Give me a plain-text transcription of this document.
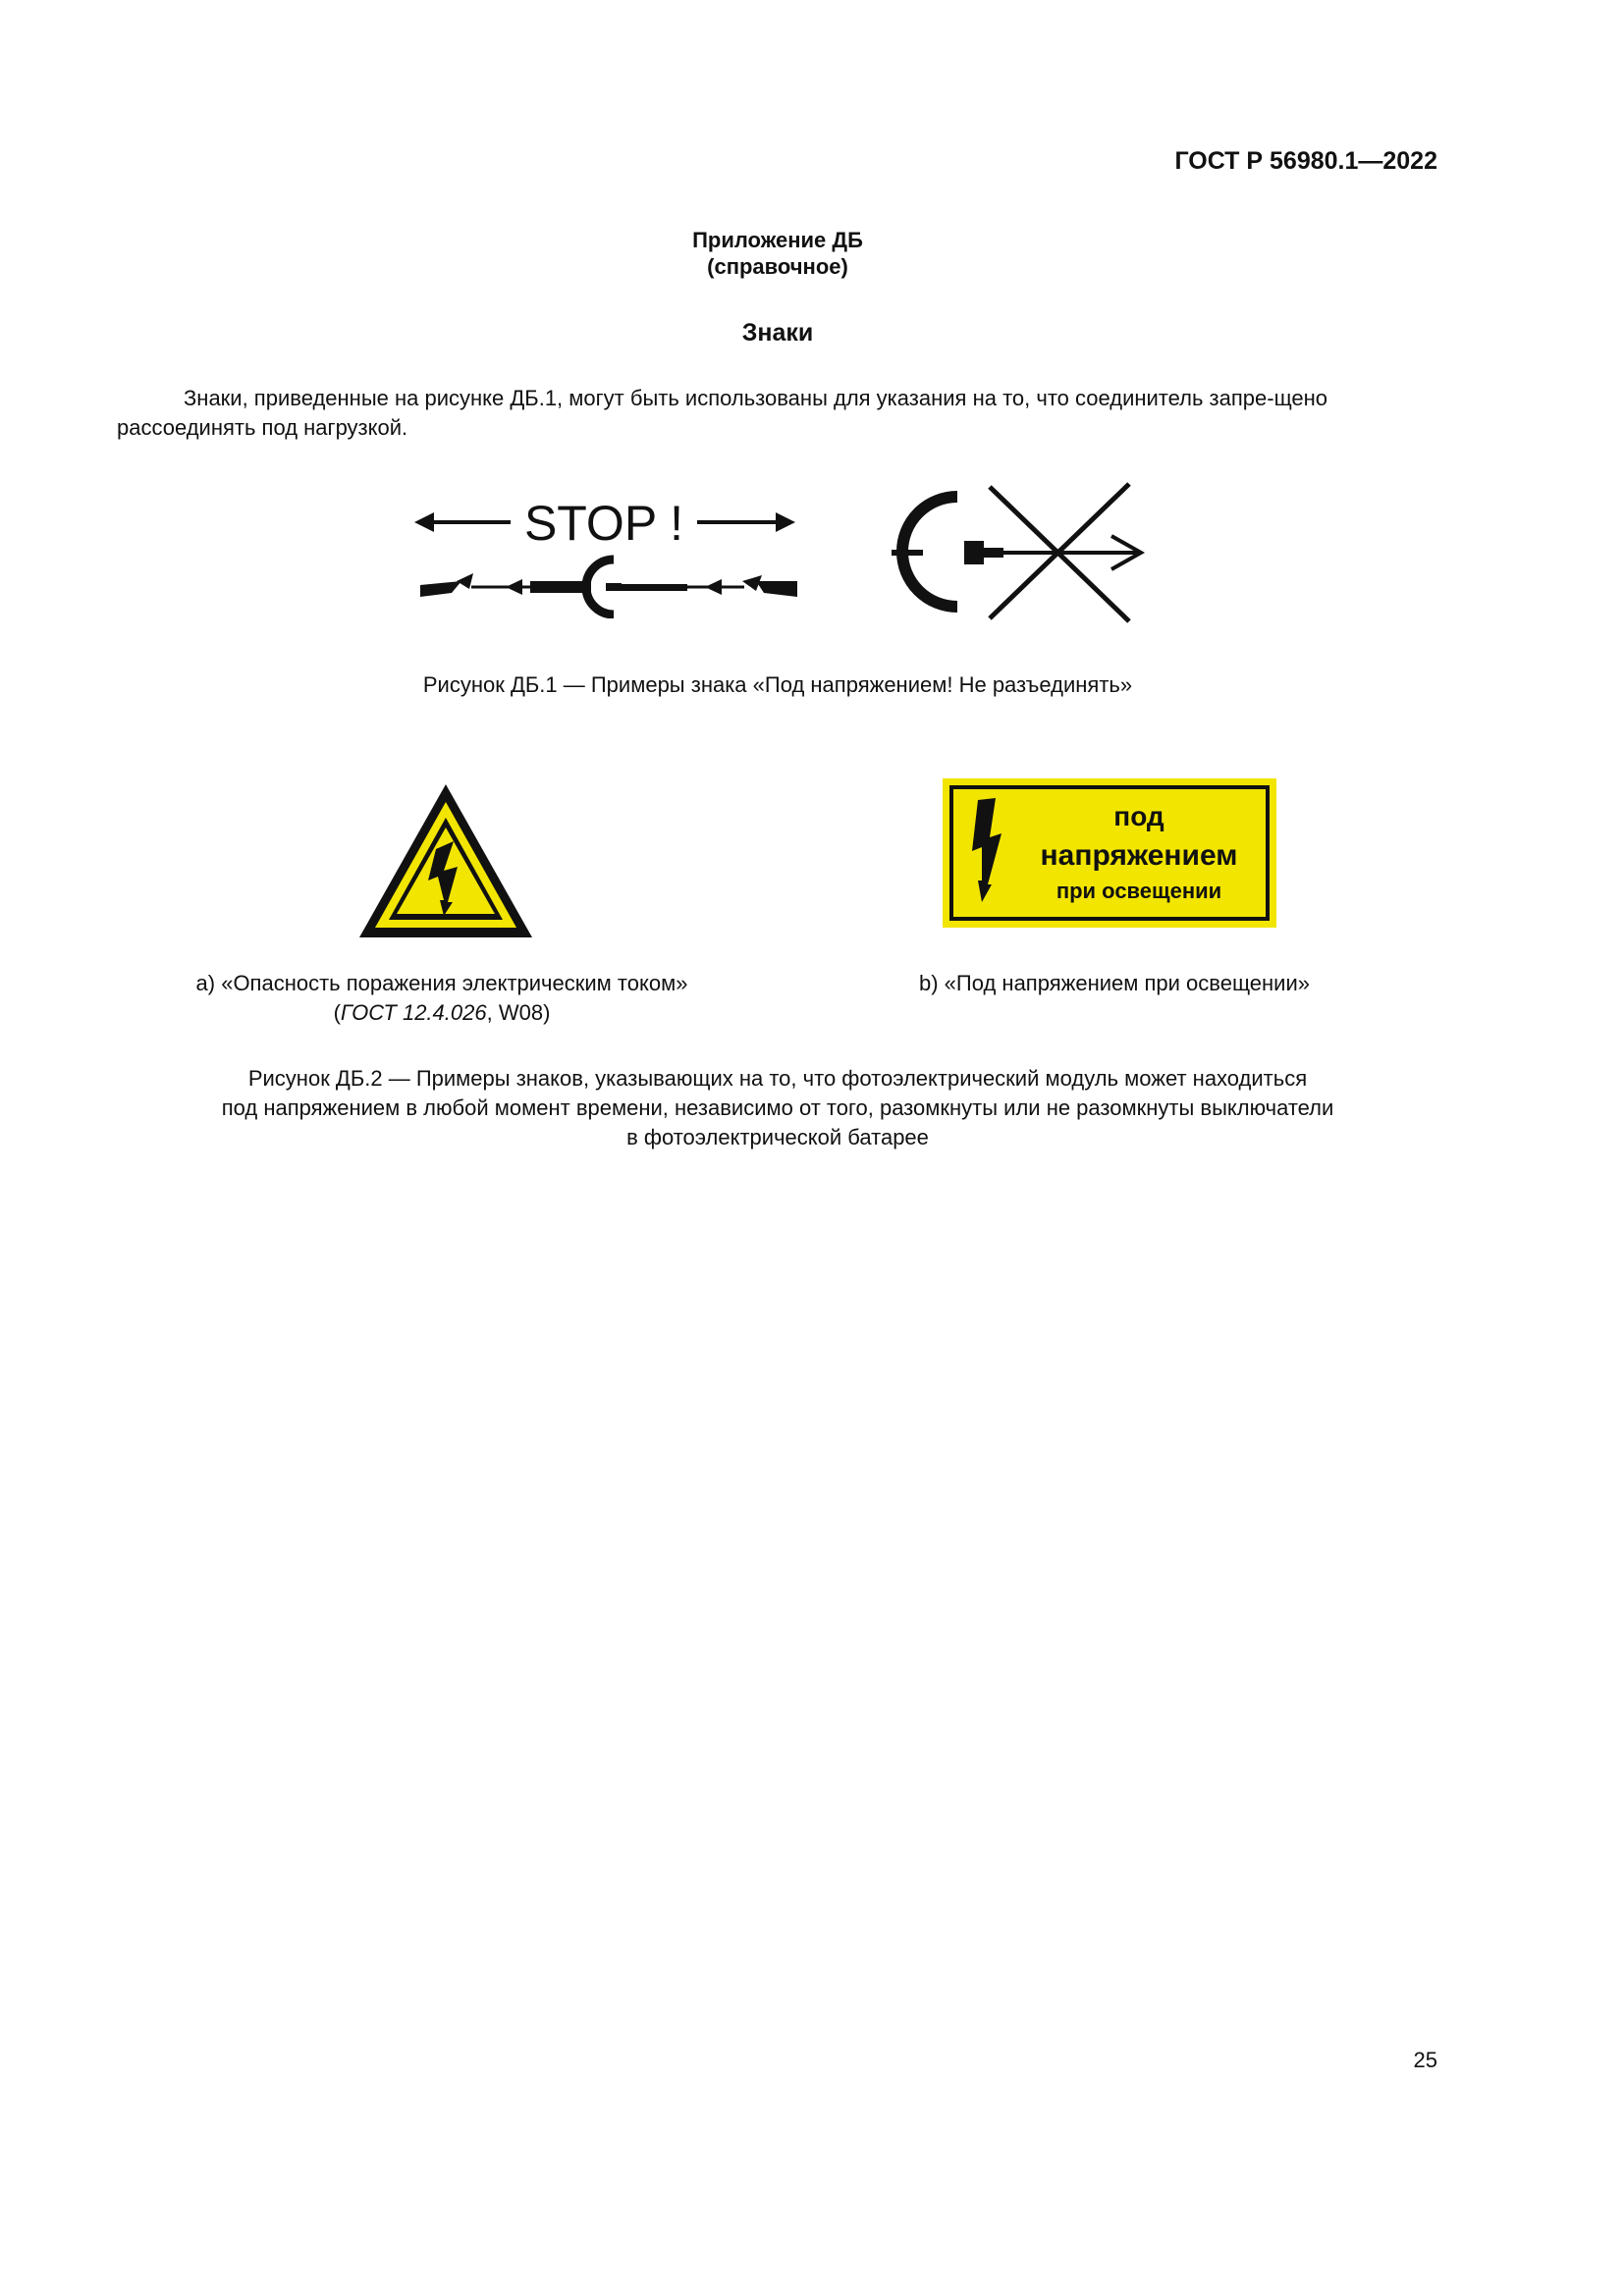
ГОСТ Р 56980.1—2022
Приложение ДБ
(справочное)
Знаки
Знаки, приведенные на рисунке ДБ.1, могут быть использованы для указания на то, что соединитель запре-щено рассоединять под нагрузкой.
STOP !
Рисунок ДБ.1 — Примеры знака «Под напряжением! Не разъединять»
под
напряжением
при освещении
a) «Опасность поражения электрическим током»
(ГОСТ 12.4.026, W08)
b) «Под напряжением при освещении»
Рисунок ДБ.2 — Примеры знаков, указывающих на то, что фотоэлектрический модуль может находиться
под напряжением в любой момент времени, независимо от того, разомкнуты или не разомкнуты выключатели
в фотоэлектрической батарее
25
